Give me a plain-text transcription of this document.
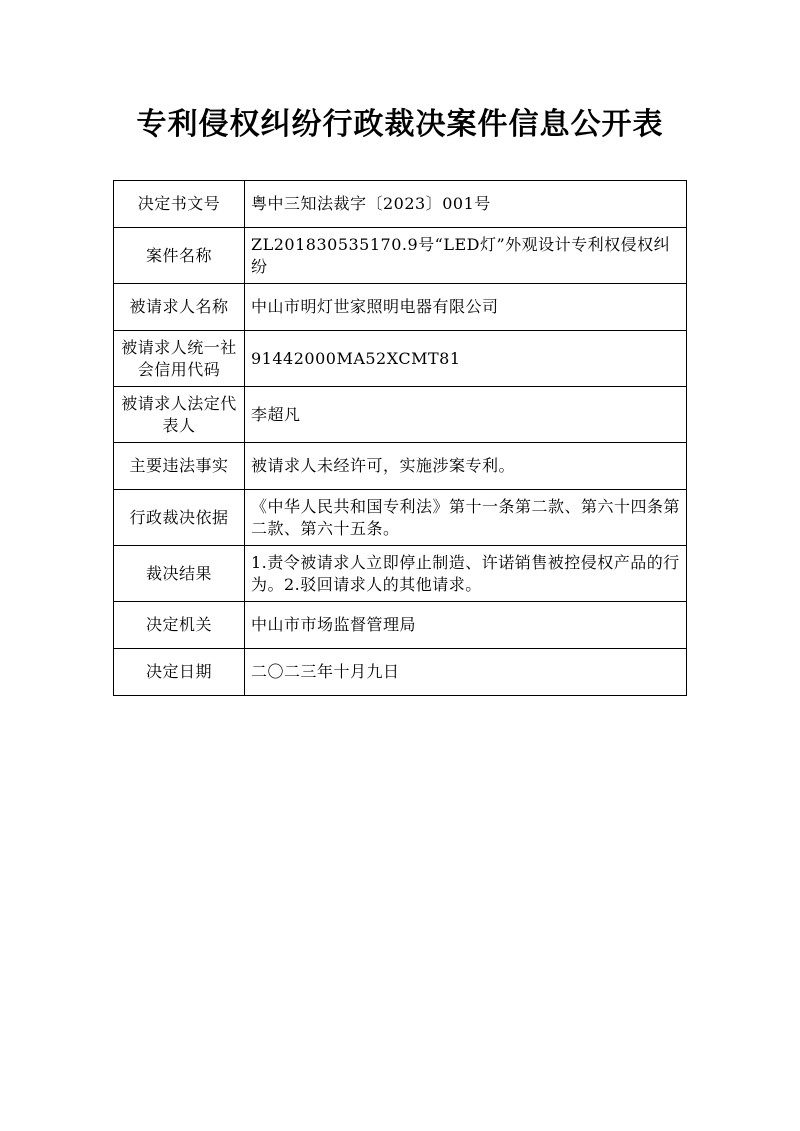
专利侵权纠纷行政裁决案件信息公开表
决定书文号	粤中三知法裁字〔2023〕001号
案件名称	ZL201830535170.9号“LED灯”外观设计专利权侵权纠纷
被请求人名称	中山市明灯世家照明电器有限公司
被请求人统一社会信用代码	91442000MA52XCMT81
被请求人法定代表人	李超凡
主要违法事实	被请求人未经许可，实施涉案专利。
行政裁决依据	《中华人民共和国专利法》第十一条第二款、第六十四条第二款、第六十五条。
裁决结果	1.责令被请求人立即停止制造、许诺销售被控侵权产品的行为。2.驳回请求人的其他请求。
决定机关	中山市市场监督管理局
决定日期	二〇二三年十月九日
